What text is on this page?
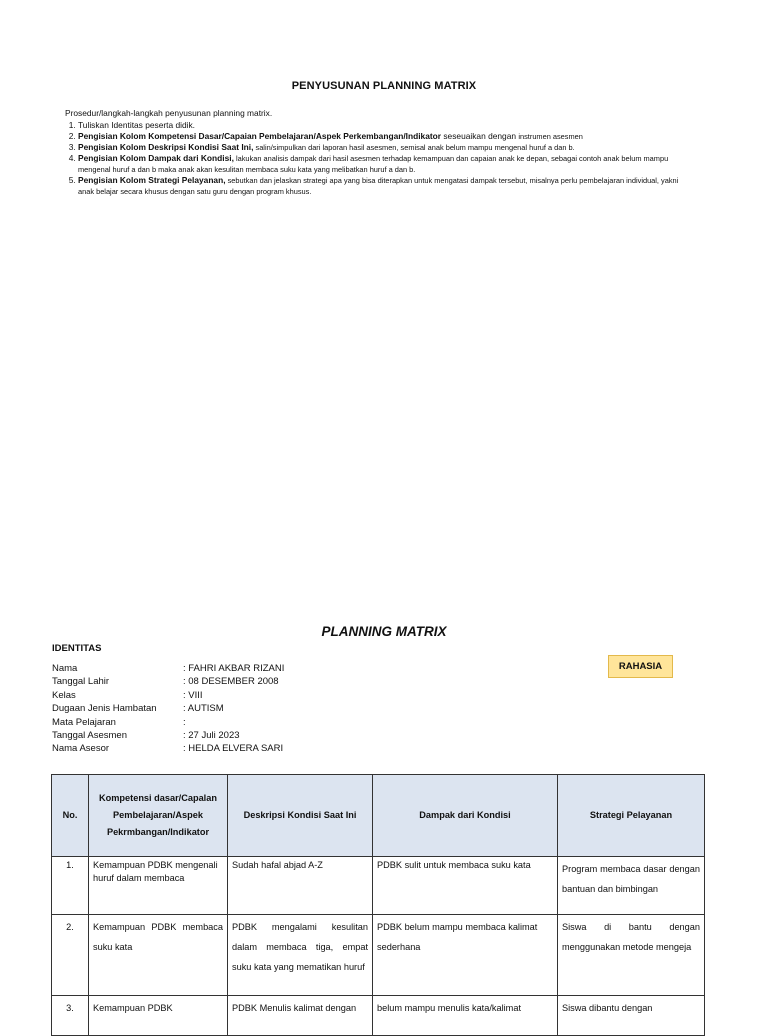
PENYUSUNAN PLANNING MATRIX

Prosedur/langkah-langkah penyusunan planning matrix.

1. Tuliskan Identitas peserta didik.
2. Pengisian Kolom Kompetensi Dasar/Capaian Pembelajaran/Aspek Perkembangan/Indikator seseuaikan dengan instrumen asesmen
3. Pengisian Kolom Deskripsi Kondisi Saat Ini, salin/simpulkan dari laporan hasil asesmen, semisal anak belum mampu mengenal huruf a dan b.
4. Pengisian Kolom Dampak dari Kondisi, lakukan analisis dampak dari hasil asesmen terhadap kemampuan dan capaian anak ke depan, sebagai contoh anak belum mampu mengenal huruf a dan b maka anak akan kesulitan membaca suku kata yang melibatkan huruf a dan b.
5. Pengisian Kolom Strategi Pelayanan, sebutkan dan jelaskan strategi apa yang bisa diterapkan untuk mengatasi dampak tersebut, misalnya perlu pembelajaran individual, yakni anak belajar secara khusus dengan satu guru dengan program khusus.
PLANNING MATRIX
IDENTITAS
RAHASIA
Nama	: FAHRI AKBAR RIZANI
Tanggal Lahir	: 08 DESEMBER 2008
Kelas	: VIII
Dugaan Jenis Hambatan	: AUTISM
Mata Pelajaran	:
Tanggal Asesmen	: 27 Juli 2023
Nama Asesor	: HELDA ELVERA SARI
No.	Kompetensi dasar/Capalan Pembelajaran/Aspek Pekrmbangan/Indikator	Deskripsi Kondisi Saat Ini	Dampak dari Kondisi	Strategi Pelayanan
1.	Kemampuan PDBK mengenali huruf dalam membaca	Sudah hafal abjad A-Z	PDBK sulit untuk membaca suku kata	Program membaca dasar dengan bantuan dan bimbingan
2.	Kemampuan PDBK membaca suku kata	PDBK mengalami kesulitan dalam membaca tiga, empat suku kata yang mematikan huruf	PDBK belum mampu membaca kalimat sederhana	Siswa di bantu dengan menggunakan metode mengeja
3.	Kemampuan PDBK	PDBK Menulis kalimat dengan	belum mampu menulis kata/kalimat	Siswa dibantu dengan
